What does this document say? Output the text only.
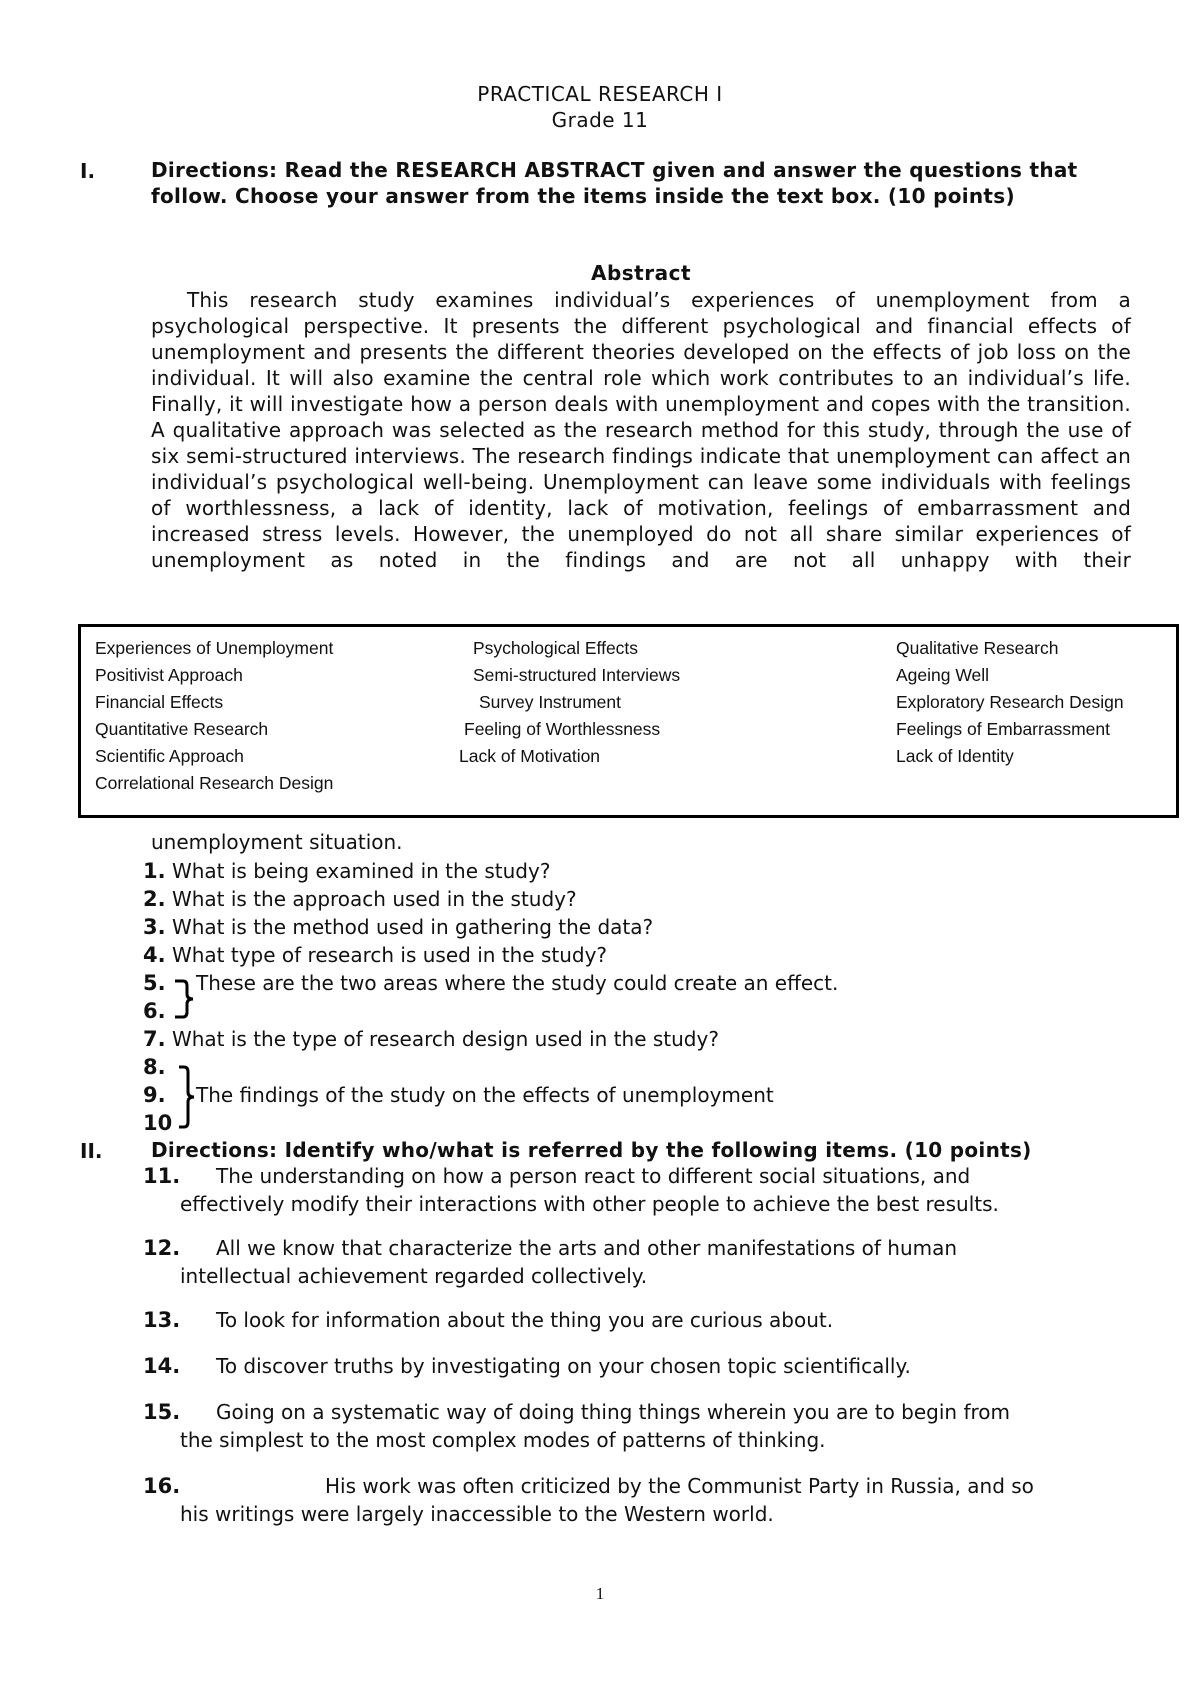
PRACTICAL RESEARCH I
Grade 11
I.	Directions: Read the RESEARCH ABSTRACT given and answer the questions that follow. Choose your answer from the items inside the text box. (10 points)
Abstract
This research study examines individual’s experiences of unemployment from a psychological perspective. It presents the different psychological and financial effects of unemployment and presents the different theories developed on the effects of job loss on the individual. It will also examine the central role which work contributes to an individual’s life. Finally, it will investigate how a person deals with unemployment and copes with the transition. A qualitative approach was selected as the research method for this study, through the use of six semi-structured interviews. The research findings indicate that unemployment can affect an individual’s psychological well-being. Unemployment can leave some individuals with feelings of worthlessness, a lack of identity, lack of motivation, feelings of embarrassment and increased stress levels. However, the unemployed do not all share similar experiences of unemployment as noted in the findings and are not all unhappy with their
Experiences of Unemployment	Psychological Effects	Qualitative Research
Positivist Approach	Semi-structured Interviews	Ageing Well
Financial Effects	Survey Instrument	Exploratory Research Design
Quantitative Research	Feeling of Worthlessness	Feelings of Embarrassment
Scientific Approach	Lack of Motivation	Lack of Identity
Correlational Research Design
unemployment situation.
1. What is being examined in the study?
2. What is the approach used in the study?
3. What is the method used in gathering the data?
4. What type of research is used in the study?
5.
6.
These are the two areas where the study could create an effect.
7. What is the type of research design used in the study?
8.
9.
10
The findings of the study on the effects of unemployment
II. Directions: Identify who/what is referred by the following items. (10 points)
11. The understanding on how a person react to different social situations, and
effectively modify their interactions with other people to achieve the best results.
12. All we know that characterize the arts and other manifestations of human
intellectual achievement regarded collectively.
13. To look for information about the thing you are curious about.
14. To discover truths by investigating on your chosen topic scientifically.
15. Going on a systematic way of doing thing things wherein you are to begin from
the simplest to the most complex modes of patterns of thinking.
16.	His work was often criticized by the Communist Party in Russia, and so
his writings were largely inaccessible to the Western world.
1
